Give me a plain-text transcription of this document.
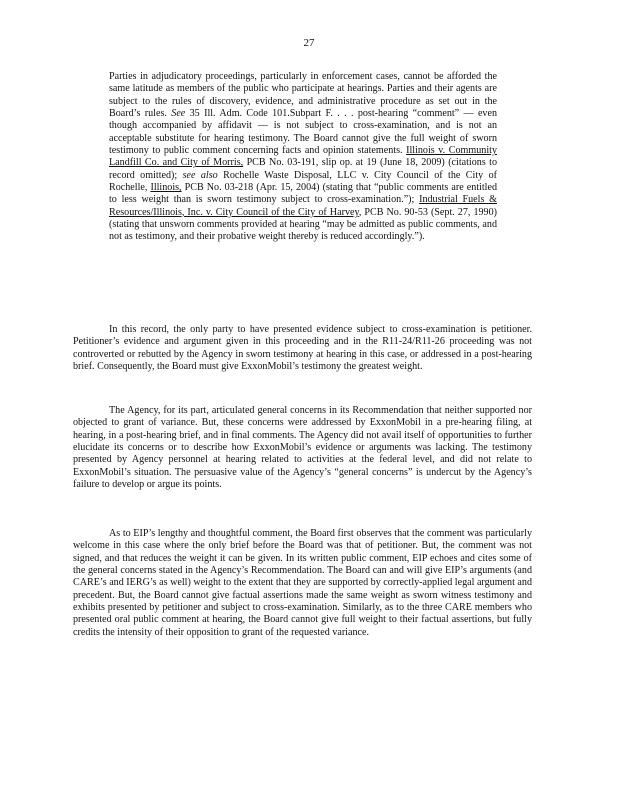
27
Parties in adjudicatory proceedings, particularly in enforcement cases, cannot be afforded the same latitude as members of the public who participate at hearings. Parties and their agents are subject to the rules of discovery, evidence, and administrative procedure as set out in the Board’s rules. See 35 Ill. Adm. Code 101.Subpart F. . . . post-hearing “comment” — even though accompanied by affidavit — is not subject to cross-examination, and is not an acceptable substitute for hearing testimony. The Board cannot give the full weight of sworn testimony to public comment concerning facts and opinion statements. Illinois v. Community Landfill Co. and City of Morris, PCB No. 03-191, slip op. at 19 (June 18, 2009) (citations to record omitted); see also Rochelle Waste Disposal, LLC v. City Council of the City of Rochelle, Illinois, PCB No. 03-218 (Apr. 15, 2004) (stating that “public comments are entitled to less weight than is sworn testimony subject to cross-examination.”); Industrial Fuels & Resources/Illinois, Inc. v. City Council of the City of Harvey, PCB No. 90-53 (Sept. 27, 1990) (stating that unsworn comments provided at hearing “may be admitted as public comments, and not as testimony, and their probative weight thereby is reduced accordingly.”).

In this record, the only party to have presented evidence subject to cross-examination is petitioner. Petitioner’s evidence and argument given in this proceeding and in the R11-24/R11-26 proceeding was not controverted or rebutted by the Agency in sworn testimony at hearing in this case, or addressed in a post-hearing brief. Consequently, the Board must give ExxonMobil’s testimony the greatest weight.

The Agency, for its part, articulated general concerns in its Recommendation that neither supported nor objected to grant of variance. But, these concerns were addressed by ExxonMobil in a pre-hearing filing, at hearing, in a post-hearing brief, and in final comments. The Agency did not avail itself of opportunities to further elucidate its concerns or to describe how ExxonMobil’s evidence or arguments was lacking. The testimony presented by Agency personnel at hearing related to activities at the federal level, and did not relate to ExxonMobil’s situation. The persuasive value of the Agency’s “general concerns” is undercut by the Agency’s failure to develop or argue its points.

As to EIP’s lengthy and thoughtful comment, the Board first observes that the comment was particularly welcome in this case where the only brief before the Board was that of petitioner. But, the comment was not signed, and that reduces the weight it can be given. In its written public comment, EIP echoes and cites some of the general concerns stated in the Agency’s Recommendation. The Board can and will give EIP’s arguments (and CARE’s and IERG’s as well) weight to the extent that they are supported by correctly-applied legal argument and precedent. But, the Board cannot give factual assertions made the same weight as sworn witness testimony and exhibits presented by petitioner and subject to cross-examination. Similarly, as to the three CARE members who presented oral public comment at hearing, the Board cannot give full weight to their factual assertions, but fully credits the intensity of their opposition to grant of the requested variance.
